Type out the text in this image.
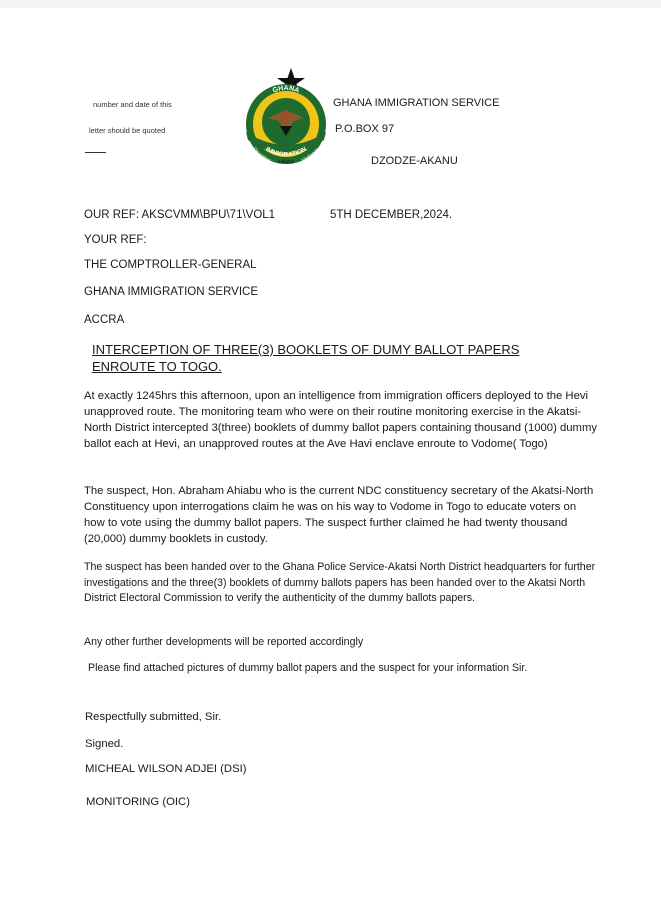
number and date of this
letter should be quoted
GHANA
IMMIGRATION
Discipline	Vigilance
Integrity
GHANA IMMIGRATION SERVICE
P.O.BOX 97
DZODZE-AKANU
OUR REF: AKSCVMM\BPU\71\VOL1	5TH DECEMBER,2024.
YOUR REF:
THE COMPTROLLER-GENERAL
GHANA IMMIGRATION SERVICE
ACCRA
INTERCEPTION OF THREE(3) BOOKLETS OF DUMY BALLOT PAPERS ENROUTE TO TOGO.
At exactly 1245hrs this afternoon, upon an intelligence from immigration officers deployed to the Hevi unapproved route. The monitoring team who were on their routine monitoring exercise in the Akatsi- North District intercepted 3(three) booklets of dummy ballot papers containing thousand (1000) dummy ballot each at Hevi, an unapproved routes at the Ave Havi enclave enroute to Vodome( Togo)
The suspect, Hon. Abraham Ahiabu who is the current NDC constituency secretary of the Akatsi-North Constituency upon interrogations claim he was on his way to Vodome in Togo to educate voters on how to vote using the dummy ballot papers. The suspect further claimed he had twenty thousand (20,000) dummy booklets in custody.
The suspect has been handed over to the Ghana Police Service-Akatsi North District headquarters for further investigations and the three(3) booklets of dummy ballots papers has been handed over to the Akatsi North District Electoral Commission to verify the authenticity of the dummy ballots papers.
Any other further developments will be reported accordingly
Please find attached pictures of dummy ballot papers and the suspect for your information Sir.
Respectfully submitted, Sir.
Signed.
MICHEAL WILSON ADJEI (DSI)
MONITORING (OIC)
